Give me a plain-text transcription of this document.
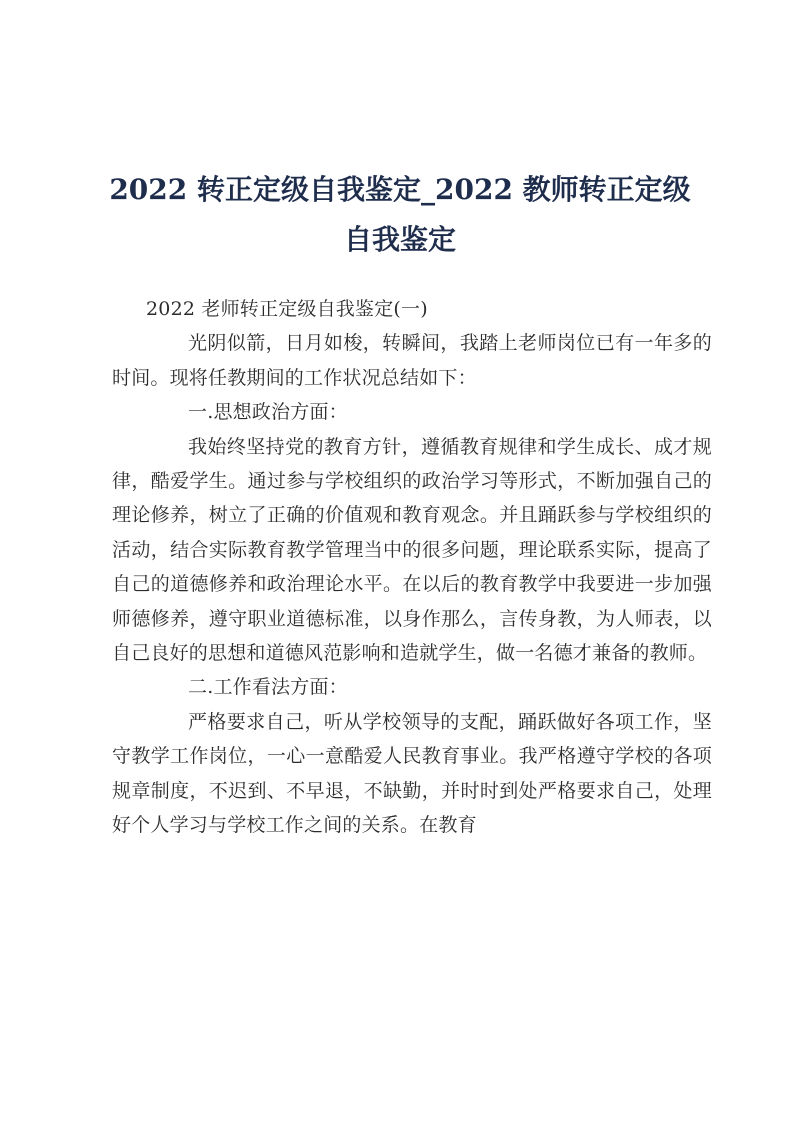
2022 转正定级自我鉴定_2022 教师转正定级自我鉴定

2022 老师转正定级自我鉴定(一)

光阴似箭，日月如梭，转瞬间，我踏上老师岗位已有一年多的时间。现将任教期间的工作状况总结如下：

一.思想政治方面：

我始终坚持党的教育方针，遵循教育规律和学生成长、成才规律，酷爱学生。通过参与学校组织的政治学习等形式，不断加强自己的理论修养，树立了正确的价值观和教育观念。并且踊跃参与学校组织的活动，结合实际教育教学管理当中的很多问题，理论联系实际，提高了自己的道德修养和政治理论水平。在以后的教育教学中我要进一步加强师德修养，遵守职业道德标准，以身作那么，言传身教，为人师表，以自己良好的思想和道德风范影响和造就学生，做一名德才兼备的教师。

二.工作看法方面：

严格要求自己，听从学校领导的支配，踊跃做好各项工作，坚守教学工作岗位，一心一意酷爱人民教育事业。我严格遵守学校的各项规章制度，不迟到、不早退，不缺勤，并时时到处严格要求自己，处理好个人学习与学校工作之间的关系。在教育
